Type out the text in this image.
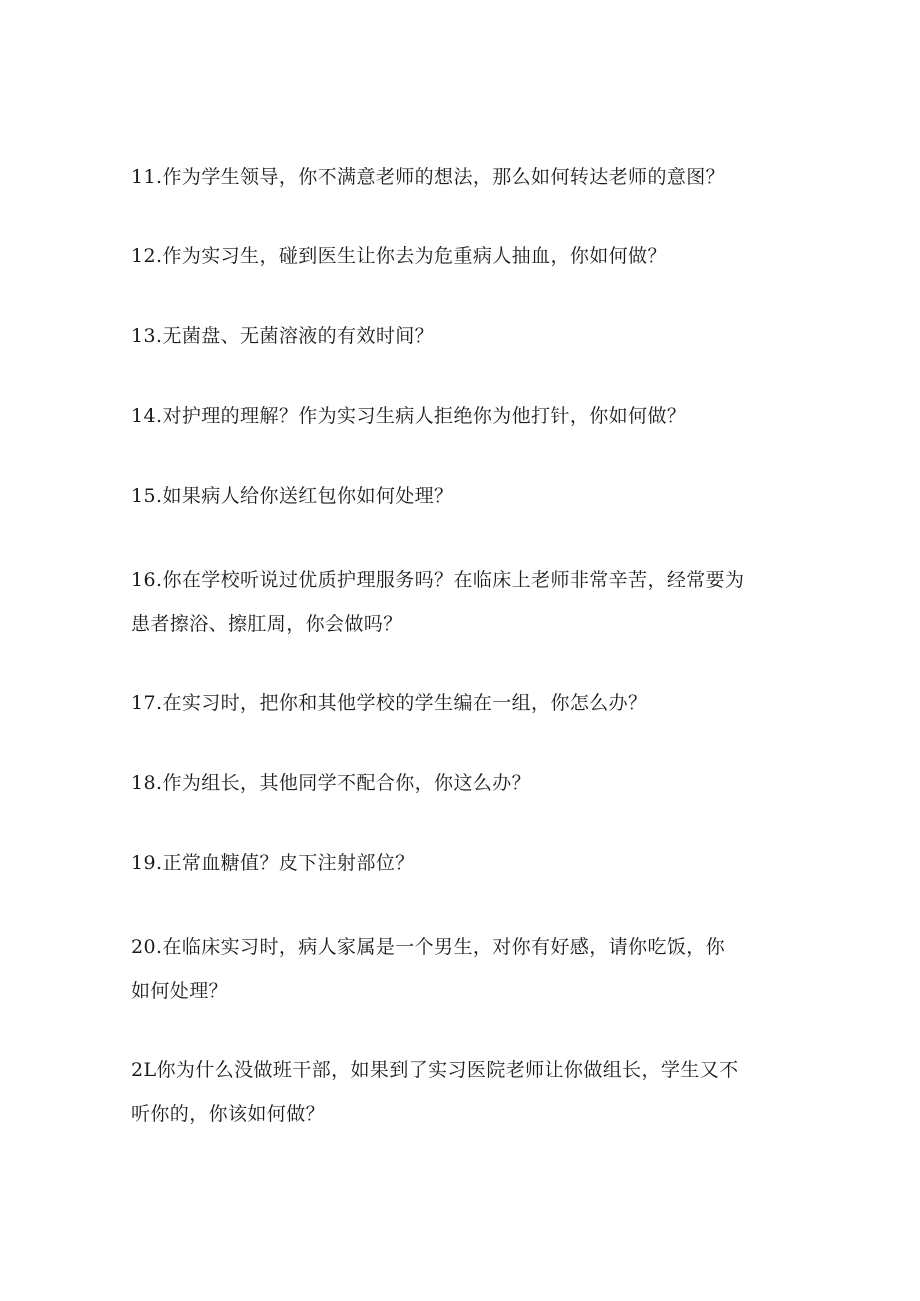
11.作为学生领导，你不满意老师的想法，那么如何转达老师的意图？
12.作为实习生，碰到医生让你去为危重病人抽血，你如何做？
13.无菌盘、无菌溶液的有效时间？
14.对护理的理解？作为实习生病人拒绝你为他打针，你如何做？
15.如果病人给你送红包你如何处理？
16.你在学校听说过优质护理服务吗？在临床上老师非常辛苦，经常要为
患者擦浴、擦肛周，你会做吗？
17.在实习时，把你和其他学校的学生编在一组，你怎么办？
18.作为组长，其他同学不配合你，你这么办？
19.正常血糖值？皮下注射部位？
20.在临床实习时，病人家属是一个男生，对你有好感，请你吃饭，你
如何处理？
2L你为什么没做班干部，如果到了实习医院老师让你做组长，学生又不
听你的，你该如何做？
